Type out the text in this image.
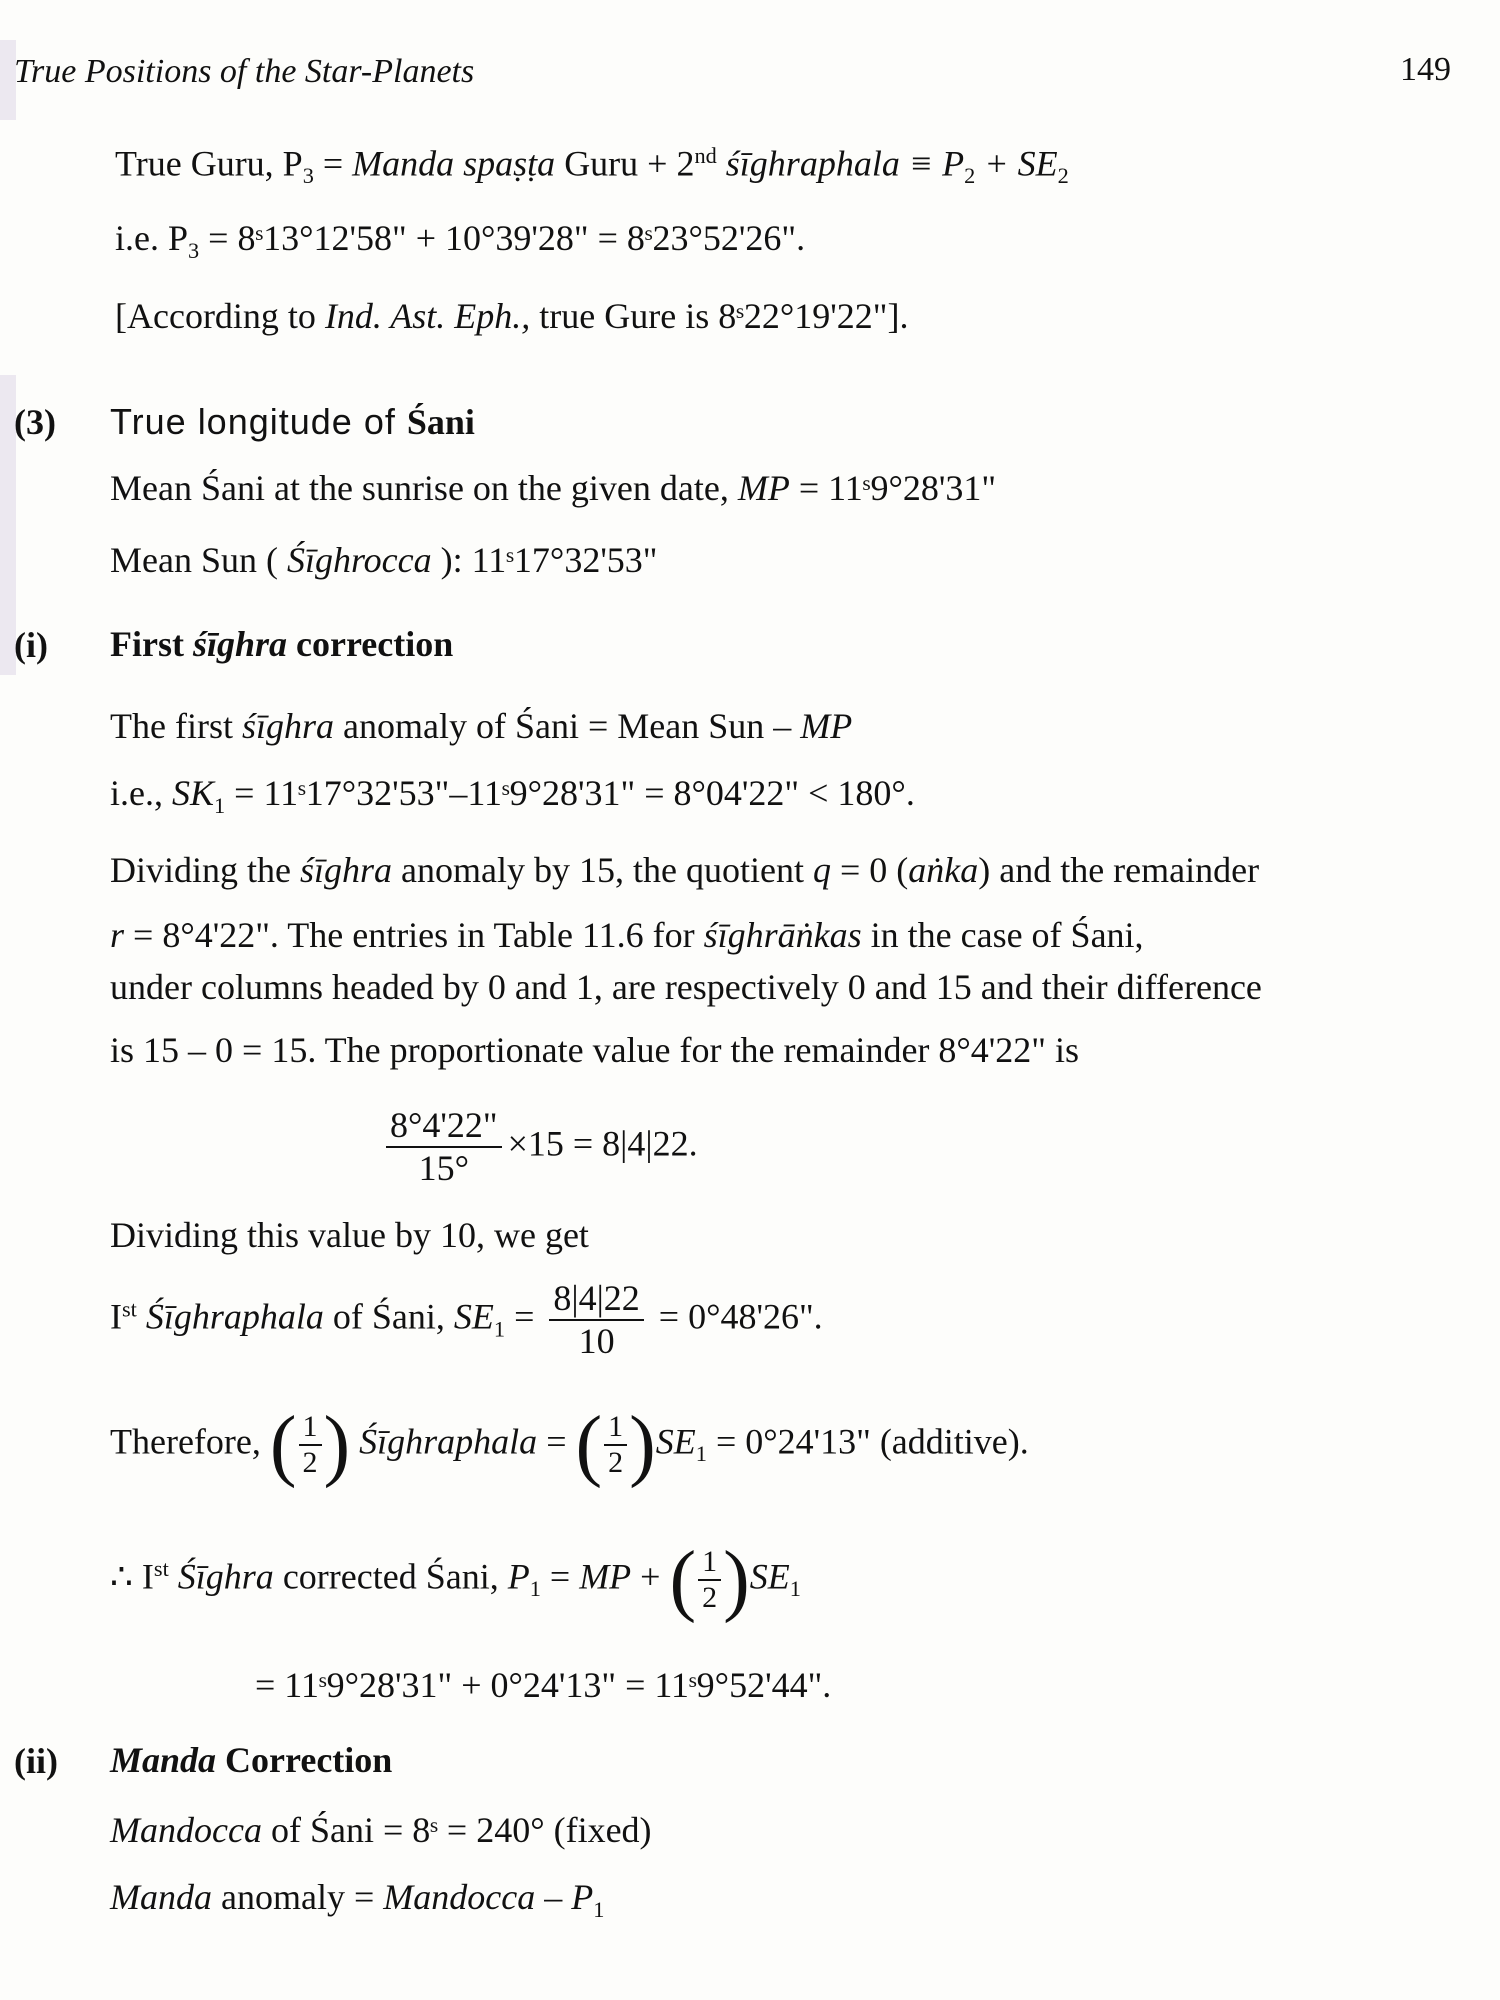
True Positions of the Star-Planets	149
True Guru, $P_3$ = Manda spaṣṭa Guru + 2nd śīghraphala ≡ $P_2 + SE_2$
i.e. $P_3$ = 8ˢ13°12'58" + 10°39'28" = 8ˢ23°52'26".
[According to Ind. Ast. Eph., true Gure is 8ˢ22°19'22"].
(3) True longitude of Śani
Mean Śani at the sunrise on the given date, MP = 11ˢ9°28'31"
Mean Sun ( Śīghrocca ): 11ˢ17°32'53"
(i) First śīghra correction
The first śīghra anomaly of Śani = Mean Sun – MP
i.e., $SK_1$ = 11ˢ17°32'53"–11ˢ9°28'31" = 8°04'22" < 180°.
Dividing the śīghra anomaly by 15, the quotient q = 0 (aṅka) and the remainder
r = 8°4'22". The entries in Table 11.6 for śīghrāṅkas in the case of Śani,
under columns headed by 0 and 1, are respectively 0 and 15 and their difference
is 15 – 0 = 15. The proportionate value for the remainder 8°4'22" is
$\frac{8^\circ 4'22"}{15^\circ} \times 15 = 8|4|22$.
Dividing this value by 10, we get
Ist Śīghraphala of Śani, $SE_1 = \frac{8|4|22}{10} = 0^\circ 48'26$".
Therefore, ( $\frac{1}{2}$ ) Śīghraphala = ( $\frac{1}{2} )SE_1 = 0^\circ 24'13$" (additive).
∴ Ist Śīghra corrected Śani, $P_1$ = MP + ( $\frac{1}{2} )SE_1$
= 11ˢ9°28'31" + 0°24'13" = 11ˢ9°52'44".
(ii) Manda Correction
Mandocca of Śani = 8ˢ = 240° (fixed)
Manda anomaly = Mandocca – $P_1$
